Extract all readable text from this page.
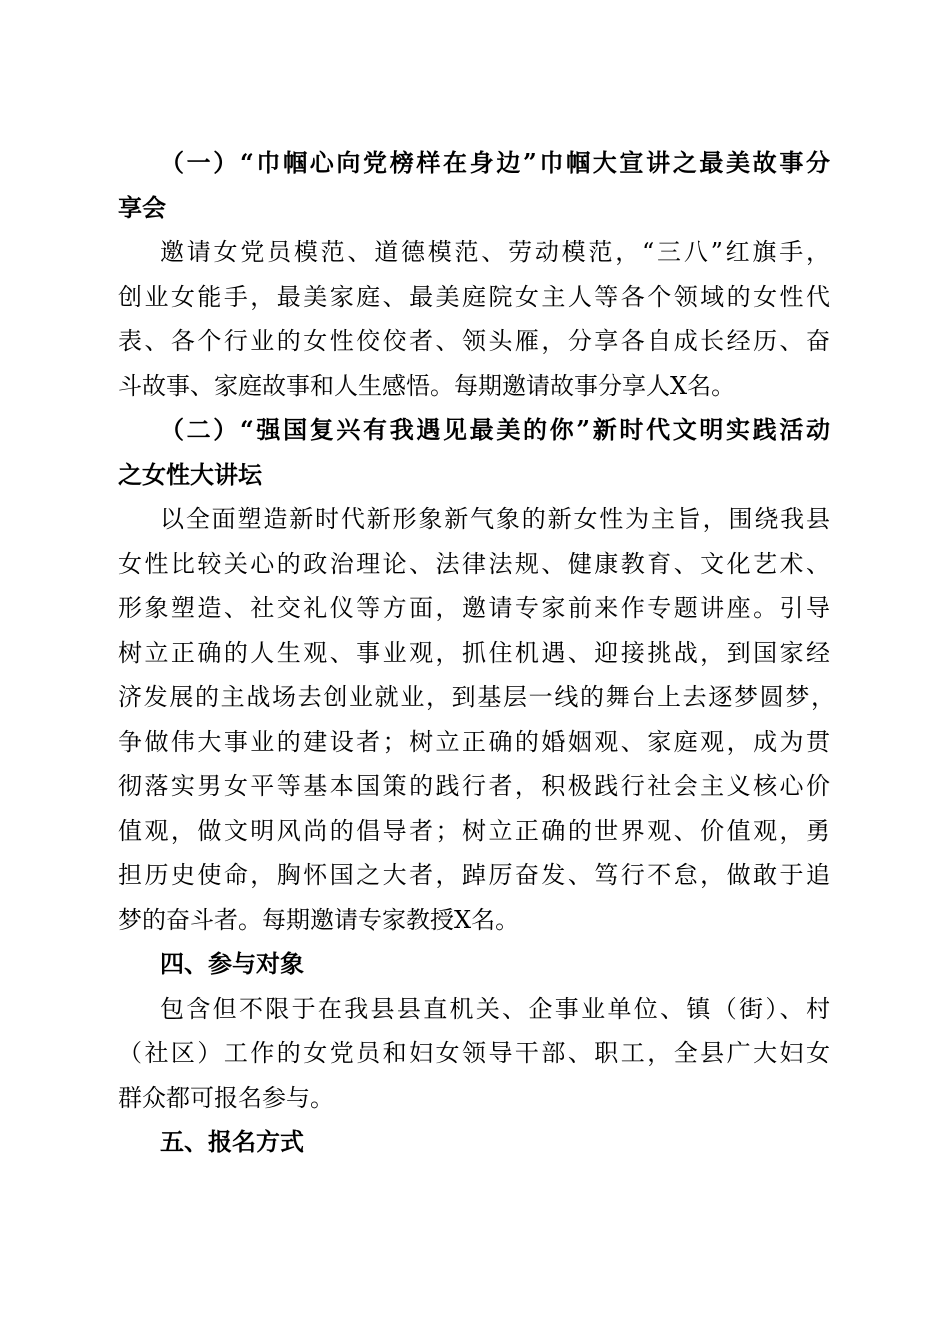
（一）“巾帼心向党榜样在身边”巾帼大宣讲之最美故事分
享会
邀请女党员模范、道德模范、劳动模范，“三八”红旗手，
创业女能手，最美家庭、最美庭院女主人等各个领域的女性代
表、各个行业的女性佼佼者、领头雁，分享各自成长经历、奋
斗故事、家庭故事和人生感悟。每期邀请故事分享人X名。
（二）“强国复兴有我遇见最美的你”新时代文明实践活动
之女性大讲坛
以全面塑造新时代新形象新气象的新女性为主旨，围绕我县
女性比较关心的政治理论、法律法规、健康教育、文化艺术、
形象塑造、社交礼仪等方面，邀请专家前来作专题讲座。引导
树立正确的人生观、事业观，抓住机遇、迎接挑战，到国家经
济发展的主战场去创业就业，到基层一线的舞台上去逐梦圆梦，
争做伟大事业的建设者；树立正确的婚姻观、家庭观，成为贯
彻落实男女平等基本国策的践行者，积极践行社会主义核心价
值观，做文明风尚的倡导者；树立正确的世界观、价值观，勇
担历史使命，胸怀国之大者，踔厉奋发、笃行不怠，做敢于追
梦的奋斗者。每期邀请专家教授X名。
四、参与对象
包含但不限于在我县县直机关、企事业单位、镇（街）、村
（社区）工作的女党员和妇女领导干部、职工，全县广大妇女
群众都可报名参与。
五、报名方式
